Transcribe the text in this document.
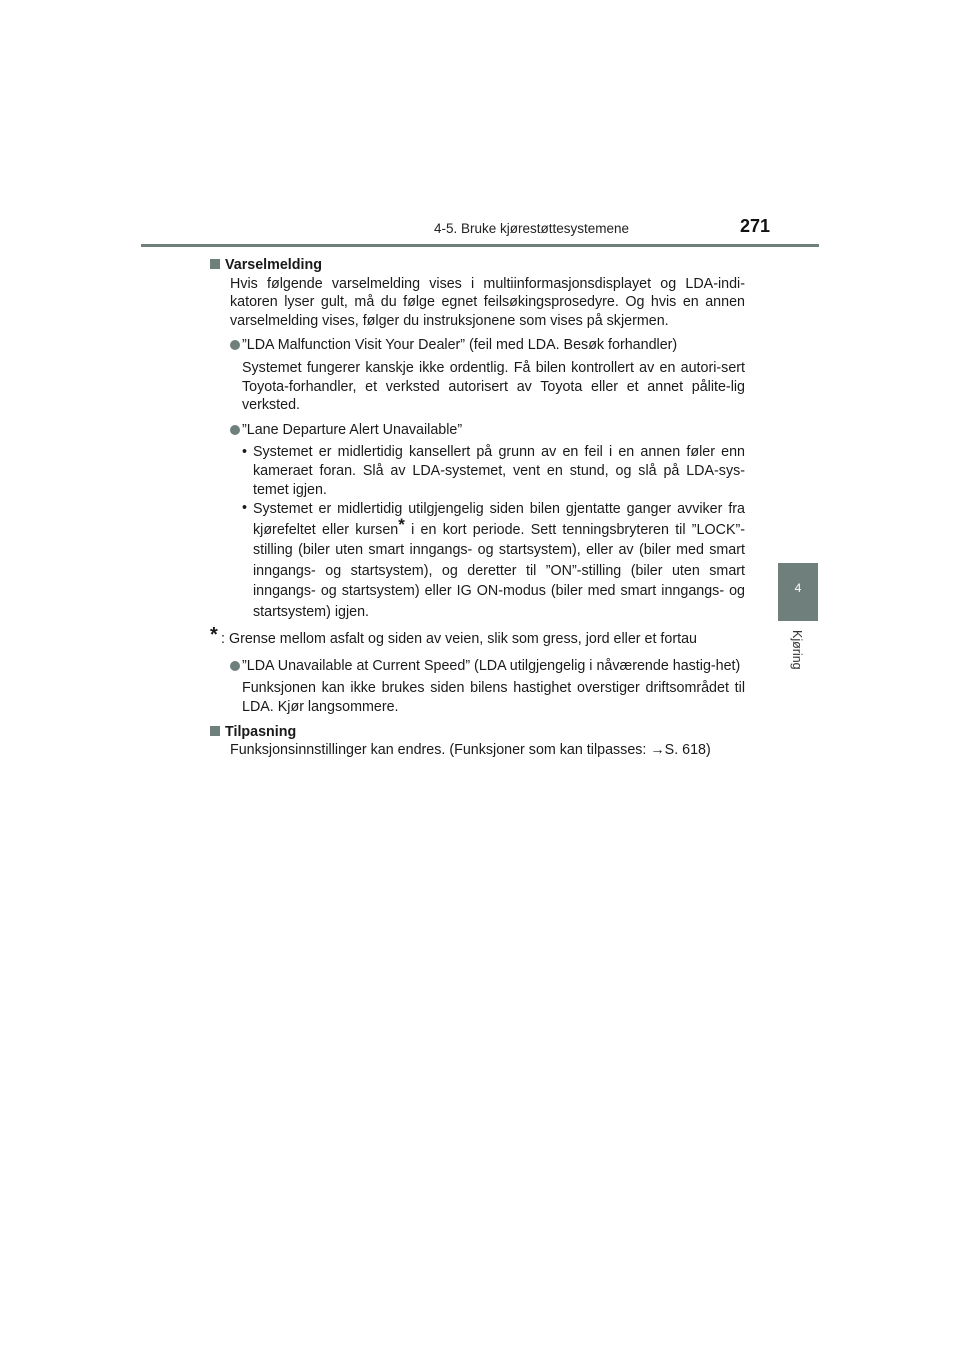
4-5. Bruke kjørestøttesystemene	271
4
Kjøring

Varselmelding

Hvis følgende varselmelding vises i multiinformasjonsdisplayet og LDA-indi-katoren lyser gult, må du følge egnet feilsøkingsprosedyre. Og hvis en annen varselmelding vises, følger du instruksjonene som vises på skjermen.

”LDA Malfunction Visit Your Dealer” (feil med LDA. Besøk forhandler)

Systemet fungerer kanskje ikke ordentlig. Få bilen kontrollert av en autori-sert Toyota-forhandler, et verksted autorisert av Toyota eller et annet pålite-lig verksted.

”Lane Departure Alert Unavailable”

• Systemet er midlertidig kansellert på grunn av en feil i en annen føler enn kameraet foran. Slå av LDA-systemet, vent en stund, og slå på LDA-sys-temet igjen.

• Systemet er midlertidig utilgjengelig siden bilen gjentatte ganger avviker fra kjørefeltet eller kursen* i en kort periode. Sett tenningsbryteren til ”LOCK”-stilling (biler uten smart inngangs- og startsystem), eller av (biler med smart inngangs- og startsystem), og deretter til ”ON”-stilling (biler uten smart inngangs- og startsystem) eller IG ON-modus (biler med smart inngangs- og startsystem) igjen.

* : Grense mellom asfalt og siden av veien, slik som gress, jord eller et fortau

”LDA Unavailable at Current Speed” (LDA utilgjengelig i nåværende hastig-het)

Funksjonen kan ikke brukes siden bilens hastighet overstiger driftsområdet til LDA. Kjør langsommere.

Tilpasning

Funksjonsinnstillinger kan endres. (Funksjoner som kan tilpasses: →S. 618)
